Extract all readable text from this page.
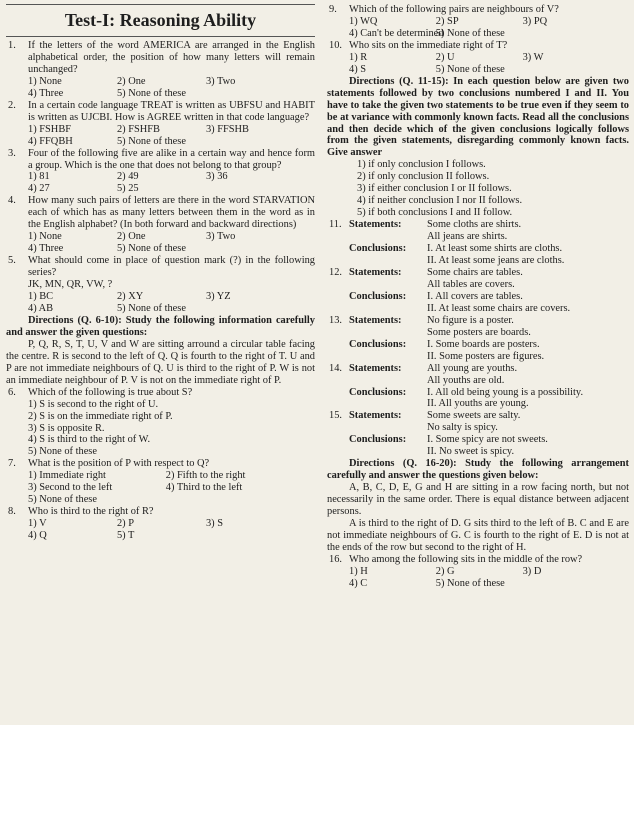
Test-I: Reasoning Ability
1. If the letters of the word AMERICA are arranged in the English alphabetical order, the position of how many letters will remain unchanged?
1) None	2) One	3) Two
4) Three	5) None of these
2. In a certain code language TREAT is written as UBFSU and HABIT is written as UJCBI. How is AGREE written in that code language?
1) FSHBF	2) FSHFB	3) FFSHB
4) FFQBH	5) None of these
3. Four of the following five are alike in a certain way and hence form a group. Which is the one that does not belong to that group?
1) 81	2) 49	3) 36
4) 27	5) 25
4. How many such pairs of letters are there in the word STARVATION each of which has as many letters between them in the word as in the English alphabet? (In both forward and backward directions)
1) None	2) One	3) Two
4) Three	5) None of these
5. What should come in place of question mark (?) in the following series?
JK, MN, QR, VW, ?
1) BC	2) XY	3) YZ
4) AB	5) None of these
Directions (Q. 6-10): Study the following information carefully and answer the given questions:
P, Q, R, S, T, U, V and W are sitting arround a circular table facing the centre. R is second to the left of Q. Q is fourth to the right of T. U and P are not immediate neighbours of Q. U is third to the right of P. W is not an immediate neighbour of P. V is not on the immediate right of P.
6. Which of the following is true about S?
1) S is second to the right of U.
2) S is on the immediate right of P.
3) S is opposite R.
4) S is third to the right of W.
5) None of these
7. What is the position of P with respect to Q?
1) Immediate right	2) Fifth to the right
3) Second to the left	4) Third to the left
5) None of these
8. Who is third to the right of R?
1) V	2) P	3) S
4) Q	5) T
9. Which of the following pairs are neighbours of V?
1) WQ	2) SP	3) PQ
4) Can't be determined
5) None of these
10. Who sits on the immediate right of T?
1) R	2) U	3) W
4) S	5) None of these
Directions (Q. 11-15): In each question below are given two statements followed by two conclusions numbered I and II. You have to take the given two statements to be true even if they seem to be at variance with commonly known facts. Read all the conclusions and then decide which of the given conclusions logically follows from the given statements, disregarding commonly known facts. Give answer
1) if only conclusion I follows.
2) if only conclusion II follows.
3) if either conclusion I or II follows.
4) if neither conclusion I nor II follows.
5) if both conclusions I and II follow.
11. Statements: Some cloths are shirts.
All jeans are shirts.
Conclusions: I. At least some shirts are cloths.
II. At least some jeans are cloths.
12. Statements: Some chairs are tables.
All tables are covers.
Conclusions: I. All covers are tables.
II. At least some chairs are covers.
13. Statements: No figure is a poster.
Some posters are boards.
Conclusions: I. Some boards are posters.
II. Some posters are figures.
14. Statements: All young are youths.
All youths are old.
Conclusions: I. All old being young is a possibility.
II. All youths are young.
15. Statements: Some sweets are salty.
No salty is spicy.
Conclusions: I. Some spicy are not sweets.
II. No sweet is spicy.
Directions (Q. 16-20): Study the following arrangement carefully and answer the questions given below:
A, B, C, D, E, G and H are sitting in a row facing north, but not necessarily in the same order. There is equal distance between adjacent persons.
A is third to the right of D. G sits third to the left of B. C and E are not immediate neighbours of G. C is fourth to the right of E. D is not at the ends of the row but second to the right of H.
16. Who among the following sits in the middle of the row?
1) H	2) G	3) D
4) C	5) None of these
